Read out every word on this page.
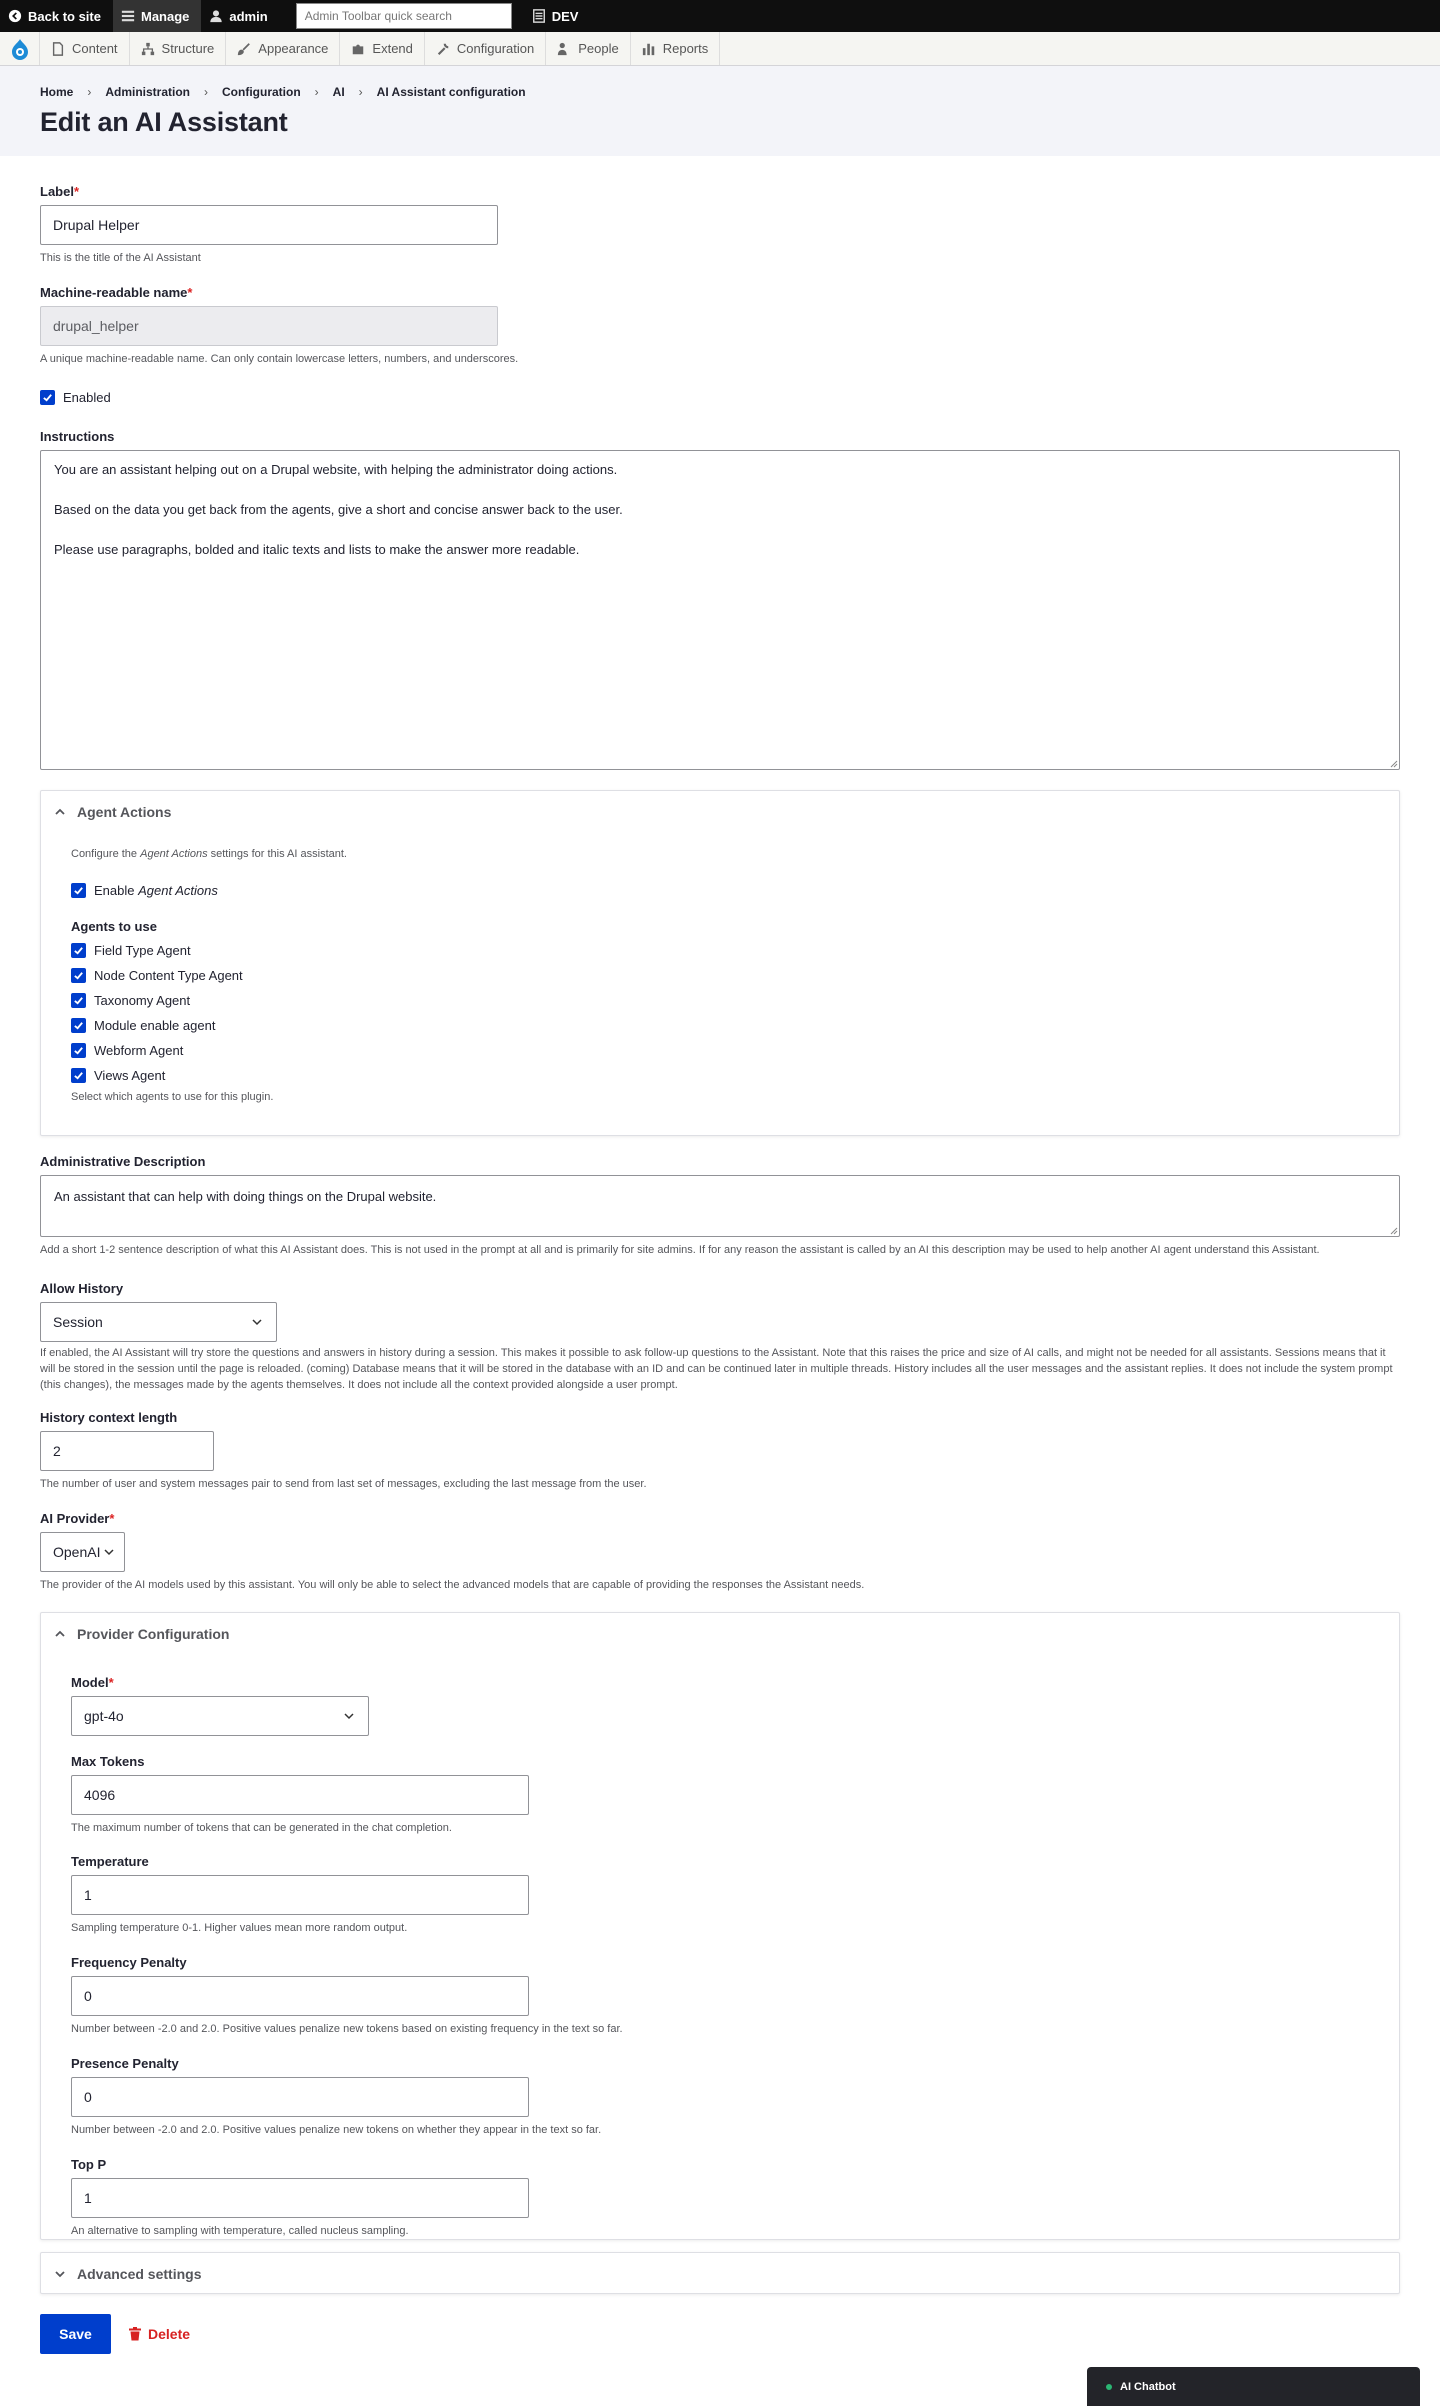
Back to site	Manage	admin	Admin Toolbar quick search	DEV
Content	Structure	Appearance	Extend	Configuration	People	Reports
Home › Administration › Configuration › AI › AI Assistant configuration
Edit an AI Assistant
Label*
Drupal Helper
This is the title of the AI Assistant
Machine-readable name*
drupal_helper
A unique machine-readable name. Can only contain lowercase letters, numbers, and underscores.
Enabled
Instructions

You are an assistant helping out on a Drupal website, with helping the administrator doing actions.

Based on the data you get back from the agents, give a short and concise answer back to the user.

Please use paragraphs, bolded and italic texts and lists to make the answer more readable.

Agent Actions
Configure the Agent Actions settings for this AI assistant.
Enable Agent Actions
Agents to use
Field Type Agent
Node Content Type Agent
Taxonomy Agent
Module enable agent
Webform Agent
Views Agent
Select which agents to use for this plugin.
Administrative Description

An assistant that can help with doing things on the Drupal website.

Add a short 1-2 sentence description of what this AI Assistant does. This is not used in the prompt at all and is primarily for site admins. If for any reason the assistant is called by an AI this description may be used to help another AI agent understand this Assistant.
Allow History
Session
If enabled, the AI Assistant will try store the questions and answers in history during a session. This makes it possible to ask follow-up questions to the Assistant. Note that this raises the price and size of AI calls, and might not be needed for all assistants. Sessions means that it will be stored in the session until the page is reloaded. (coming) Database means that it will be stored in the database with an ID and can be continued later in multiple threads. History includes all the user messages and the assistant replies. It does not include the system prompt (this changes), the messages made by the agents themselves. It does not include all the context provided alongside a user prompt.
History context length
2
The number of user and system messages pair to send from last set of messages, excluding the last message from the user.
AI Provider*
OpenAI
The provider of the AI models used by this assistant. You will only be able to select the advanced models that are capable of providing the responses the Assistant needs.
Provider Configuration
Model*
gpt-4o
Max Tokens
4096
The maximum number of tokens that can be generated in the chat completion.
Temperature
1
Sampling temperature 0-1. Higher values mean more random output.
Frequency Penalty
0
Number between -2.0 and 2.0. Positive values penalize new tokens based on existing frequency in the text so far.
Presence Penalty
0
Number between -2.0 and 2.0. Positive values penalize new tokens on whether they appear in the text so far.
Top P
1
An alternative to sampling with temperature, called nucleus sampling.
Advanced settings
Save	Delete
AI Chatbot
